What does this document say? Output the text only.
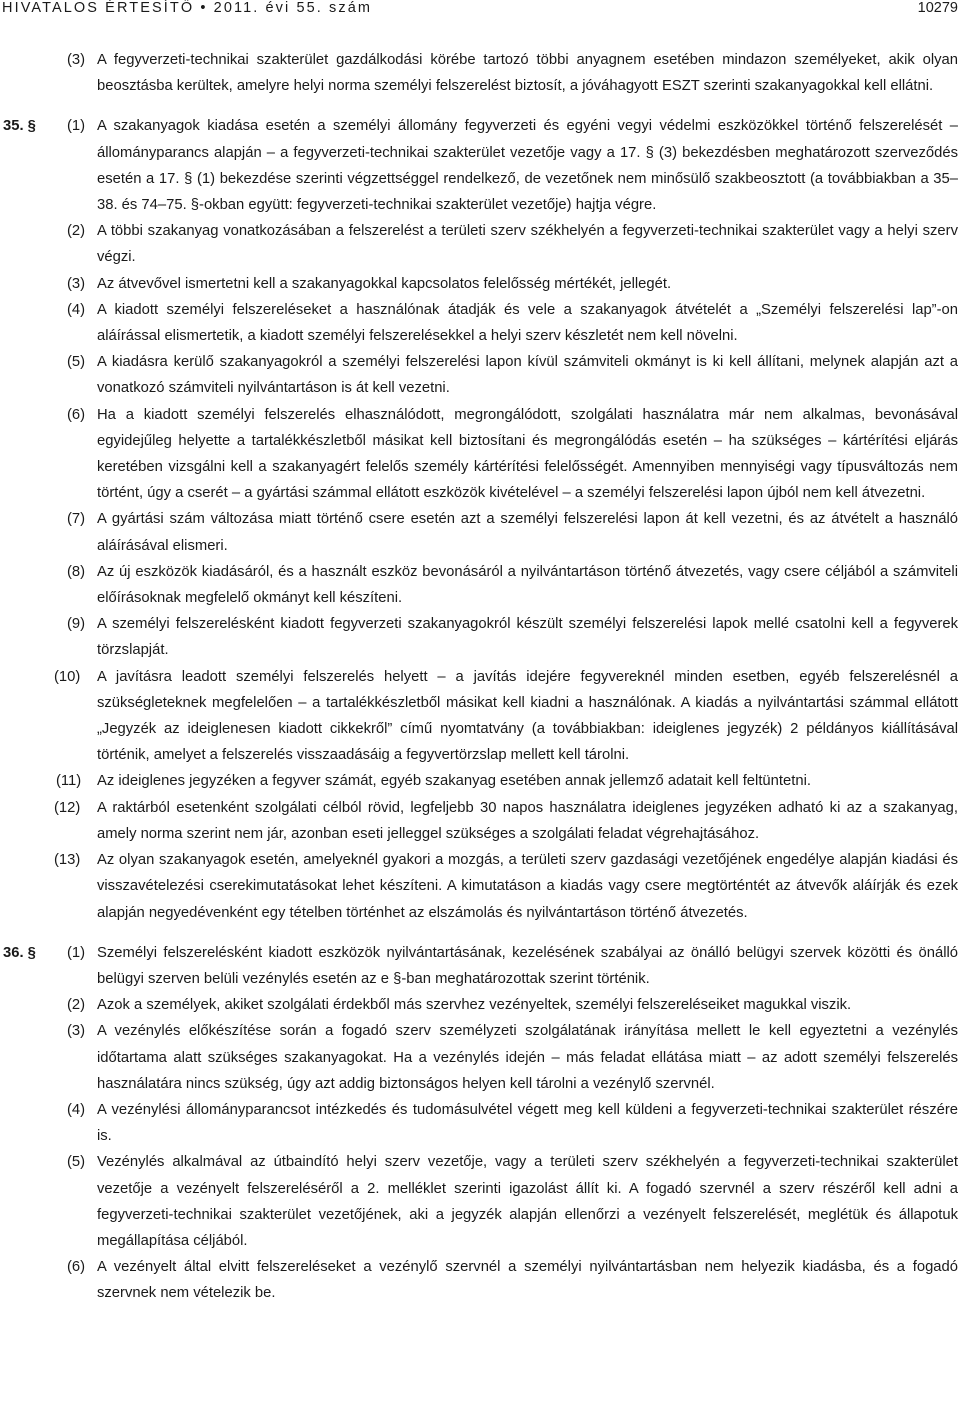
HIVATALOS ÉRTESÍTŐ • 2011. évi 55. szám	10279
(3) A fegyverzeti-technikai szakterület gazdálkodási körébe tartozó többi anyagnem esetében mindazon személyeket, akik olyan beosztásba kerültek, amelyre helyi norma személyi felszerelést biztosít, a jóváhagyott ESZT szerinti szakanyagokkal kell ellátni.
35. § (1) A szakanyagok kiadása esetén a személyi állomány fegyverzeti és egyéni vegyi védelmi eszközökkel történő felszerelését – állományparancs alapján – a fegyverzeti-technikai szakterület vezetője vagy a 17. § (3) bekezdésben meghatározott szerveződés esetén a 17. § (1) bekezdése szerinti végzettséggel rendelkező, de vezetőnek nem minősülő szakbeosztott (a továbbiakban a 35–38. és 74–75. §-okban együtt: fegyverzeti-technikai szakterület vezetője) hajtja végre.
(2) A többi szakanyag vonatkozásában a felszerelést a területi szerv székhelyén a fegyverzeti-technikai szakterület vagy a helyi szerv végzi.
(3) Az átvevővel ismertetni kell a szakanyagokkal kapcsolatos felelősség mértékét, jellegét.
(4) A kiadott személyi felszereléseket a használónak átadják és vele a szakanyagok átvételét a „Személyi felszerelési lap”-on aláírással elismertetik, a kiadott személyi felszerelésekkel a helyi szerv készletét nem kell növelni.
(5) A kiadásra kerülő szakanyagokról a személyi felszerelési lapon kívül számviteli okmányt is ki kell állítani, melynek alapján azt a vonatkozó számviteli nyilvántartáson is át kell vezetni.
(6) Ha a kiadott személyi felszerelés elhasználódott, megrongálódott, szolgálati használatra már nem alkalmas, bevonásával egyidejűleg helyette a tartalékkészletből másikat kell biztosítani és megrongálódás esetén – ha szükséges – kártérítési eljárás keretében vizsgálni kell a szakanyagért felelős személy kártérítési felelősségét. Amennyiben mennyiségi vagy típusváltozás nem történt, úgy a cserét – a gyártási számmal ellátott eszközök kivételével – a személyi felszerelési lapon újból nem kell átvezetni.
(7) A gyártási szám változása miatt történő csere esetén azt a személyi felszerelési lapon át kell vezetni, és az átvételt a használó aláírásával elismeri.
(8) Az új eszközök kiadásáról, és a használt eszköz bevonásáról a nyilvántartáson történő átvezetés, vagy csere céljából a számviteli előírásoknak megfelelő okmányt kell készíteni.
(9) A személyi felszerelésként kiadott fegyverzeti szakanyagokról készült személyi felszerelési lapok mellé csatolni kell a fegyverek törzslapját.
(10) A javításra leadott személyi felszerelés helyett – a javítás idejére fegyvereknél minden esetben, egyéb felszerelésnél a szükségleteknek megfelelően – a tartalékkészletből másikat kell kiadni a használónak. A kiadás a nyilvántartási számmal ellátott „Jegyzék az ideiglenesen kiadott cikkekről” című nyomtatvány (a továbbiakban: ideiglenes jegyzék) 2 példányos kiállításával történik, amelyet a felszerelés visszaadásáig a fegyvertörzslap mellett kell tárolni.
(11) Az ideiglenes jegyzéken a fegyver számát, egyéb szakanyag esetében annak jellemző adatait kell feltüntetni.
(12) A raktárból esetenként szolgálati célból rövid, legfeljebb 30 napos használatra ideiglenes jegyzéken adható ki az a szakanyag, amely norma szerint nem jár, azonban eseti jelleggel szükséges a szolgálati feladat végrehajtásához.
(13) Az olyan szakanyagok esetén, amelyeknél gyakori a mozgás, a területi szerv gazdasági vezetőjének engedélye alapján kiadási és visszavételezési cserekimutatásokat lehet készíteni. A kimutatáson a kiadás vagy csere megtörténtét az átvevők aláírják és ezek alapján negyedévenként egy tételben történhet az elszámolás és nyilvántartáson történő átvezetés.
36. § (1) Személyi felszerelésként kiadott eszközök nyilvántartásának, kezelésének szabályai az önálló belügyi szervek közötti és önálló belügyi szerven belüli vezénylés esetén az e §-ban meghatározottak szerint történik.
(2) Azok a személyek, akiket szolgálati érdekből más szervhez vezényeltek, személyi felszereléseiket magukkal viszik.
(3) A vezénylés előkészítése során a fogadó szerv személyzeti szolgálatának irányítása mellett le kell egyeztetni a vezénylés időtartama alatt szükséges szakanyagokat. Ha a vezénylés idején – más feladat ellátása miatt – az adott személyi felszerelés használatára nincs szükség, úgy azt addig biztonságos helyen kell tárolni a vezénylő szervnél.
(4) A vezénylési állományparancsot intézkedés és tudomásulvétel végett meg kell küldeni a fegyverzeti-technikai szakterület részére is.
(5) Vezénylés alkalmával az útbaindító helyi szerv vezetője, vagy a területi szerv székhelyén a fegyverzeti-technikai szakterület vezetője a vezényelt felszereléséről a 2. melléklet szerinti igazolást állít ki. A fogadó szervnél a szerv részéről kell adni a fegyverzeti-technikai szakterület vezetőjének, aki a jegyzék alapján ellenőrzi a vezényelt felszerelését, meglétük és állapotuk megállapítása céljából.
(6) A vezényelt által elvitt felszereléseket a vezénylő szervnél a személyi nyilvántartásban nem helyezik kiadásba, és a fogadó szervnek nem vételezik be.
